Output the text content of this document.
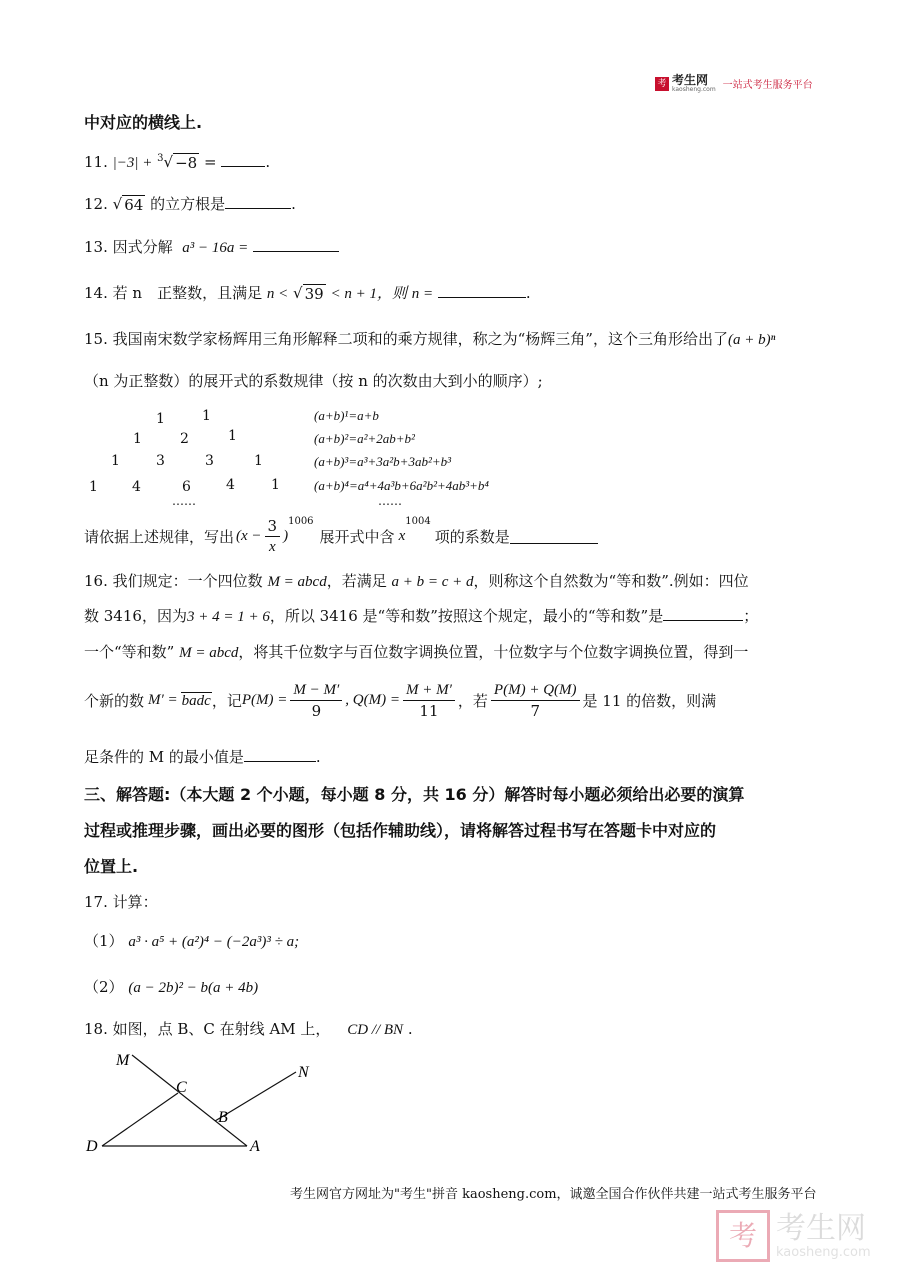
考 考生网
kaosheng.com 一站式考生服务平台
中对应的横线上.
11. |−3| + $^3$√ −8 =	.
12. √ 64 的立方根是	.
13. 因式分解 a³ − 16a =
14. 若 n　正整数，且满足 n < √ 39 < n + 1，则 n =	.
15. 我国南宋数学家杨辉用三角形解释二项和的乘方规律，称之为“杨辉三角”，这个三角形给出了(a + b)ⁿ
（n 为正整数）的展开式的系数规律（按 n 的次数由大到小的顺序）;
1	1
1	2	1
1	3	3	1
1 4	6	4	1
……
(a+b)¹=a+b
(a+b)²=a²+2ab+b²
(a+b)³=a³+3a²b+3ab²+b³
(a+b)⁴=a⁴+4a³b+6a²b²+4ab³+b⁴
……
请依据上述规律，写出 ($x - \frac{3}{x}$ )
1006
展开式中含 x
1004
项的系数是
16. 我们规定：一个四位数 M = abcd，若满足 a + b = c + d，则称这个自然数为“等和数”.例如：四位
数 3416，因为3 + 4 = 1 + 6，所以 3416 是“等和数”按照这个规定，最小的“等和数”是	；
一个“等和数” M = abcd，将其千位数字与百位数字调换位置，十位数字与个位数字调换位置，得到一
个新的数 M′ = badc ，记 $P(M) = \frac{M - M'}{9}$ , $Q(M) = \frac{M + M'}{11}$ ，若 $\frac{P(M) + Q(M)}{7}$ 是 11 的倍数，则满
足条件的 M 的最小值是	.
三、解答题:（本大题 2 个小题，每小题 8 分，共 16 分）解答时每小题必须给出必要的演算
过程或推理步骤，画出必要的图形（包括作辅助线），请将解答过程书写在答题卡中对应的
位置上.
17. 计算：
（1） a³ · a⁵ + (a²)⁴ − (−2a³)³ ÷ a;
（2） (a − 2b)² − b(a + 4b)
18. 如图，点 B、C 在射线 AM 上， CD // BN .
M
N
C
B
D	A
考生网官方网址为"考生"拼音 kaosheng.com，诚邀全国合作伙伴共建一站式考生服务平台
考 考生网
kaosheng.com
